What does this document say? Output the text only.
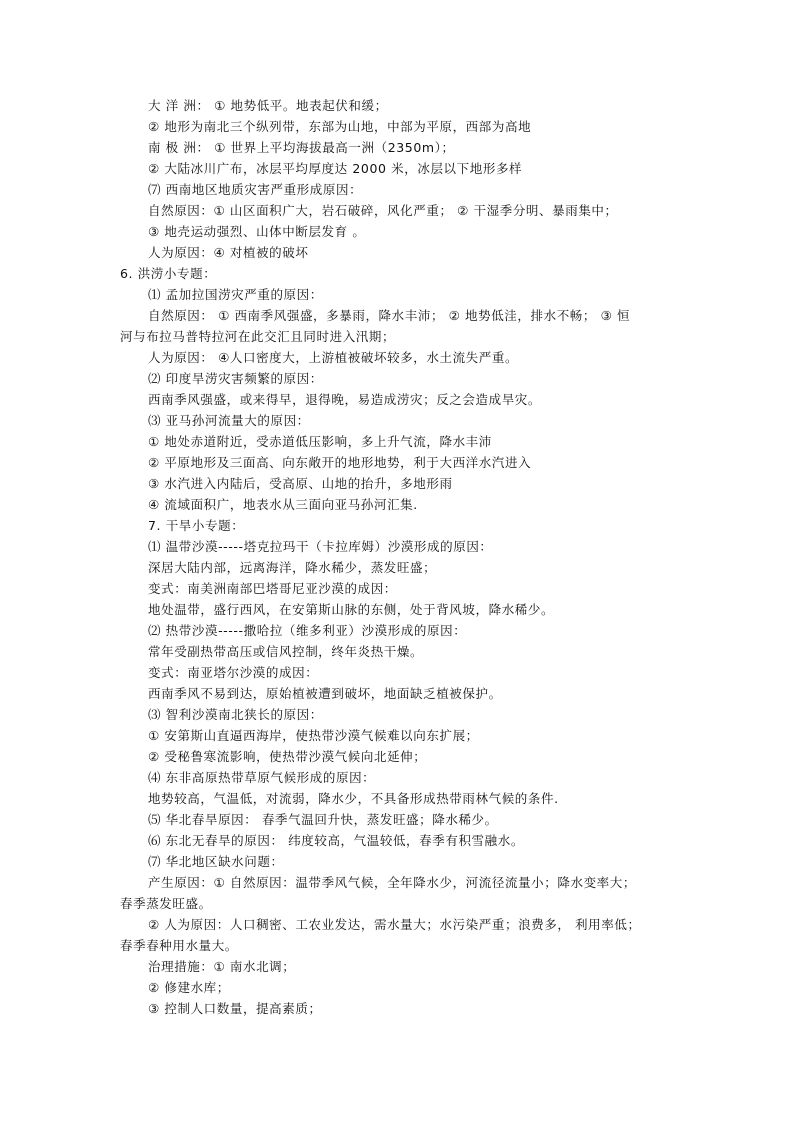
大 洋 洲： ① 地势低平。地表起伏和缓；
② 地形为南北三个纵列带，东部为山地，中部为平原，西部为高地
南 极 洲： ① 世界上平均海拔最高一洲（2350m）；
② 大陆冰川广布，冰层平均厚度达 2000 米，冰层以下地形多样
⑺ 西南地区地质灾害严重形成原因：
自然原因：① 山区面积广大，岩石破碎，风化严重； ② 干湿季分明、暴雨集中；
③ 地壳运动强烈、山体中断层发育 。
人为原因：④ 对植被的破坏
6. 洪涝小专题：
⑴ 孟加拉国涝灾严重的原因：
自然原因： ① 西南季风强盛，多暴雨，降水丰沛； ② 地势低洼，排水不畅； ③ 恒
河与布拉马普特拉河在此交汇且同时进入汛期；
人为原因： ④人口密度大，上游植被破坏较多，水土流失严重。
⑵ 印度旱涝灾害频繁的原因：
西南季风强盛，或来得早，退得晚，易造成涝灾；反之会造成旱灾。
⑶ 亚马孙河流量大的原因：
① 地处赤道附近，受赤道低压影响，多上升气流，降水丰沛
② 平原地形及三面高、向东敞开的地形地势，利于大西洋水汽进入
③ 水汽进入内陆后，受高原、山地的抬升，多地形雨
④ 流域面积广，地表水从三面向亚马孙河汇集.
7. 干旱小专题：
⑴ 温带沙漠-----塔克拉玛干（卡拉库姆）沙漠形成的原因：
深居大陆内部，远离海洋，降水稀少，蒸发旺盛；
变式：南美洲南部巴塔哥尼亚沙漠的成因：
地处温带，盛行西风，在安第斯山脉的东侧，处于背风坡，降水稀少。
⑵ 热带沙漠-----撒哈拉（维多利亚）沙漠形成的原因：
常年受副热带高压或信风控制，终年炎热干燥。
变式：南亚塔尔沙漠的成因：
西南季风不易到达，原始植被遭到破坏，地面缺乏植被保护。
⑶ 智利沙漠南北狭长的原因：
① 安第斯山直逼西海岸，使热带沙漠气候难以向东扩展；
② 受秘鲁寒流影响，使热带沙漠气候向北延伸；
⑷ 东非高原热带草原气候形成的原因：
地势较高，气温低，对流弱，降水少，不具备形成热带雨林气候的条件.
⑸ 华北春旱原因： 春季气温回升快，蒸发旺盛；降水稀少。
⑹ 东北无春旱的原因： 纬度较高，气温较低，春季有积雪融水。
⑺ 华北地区缺水问题：
产生原因：① 自然原因：温带季风气候，全年降水少，河流径流量小；降水变率大；
春季蒸发旺盛。
② 人为原因：人口稠密、工农业发达，需水量大；水污染严重；浪费多， 利用率低；
春季春种用水量大。
治理措施：① 南水北调；
② 修建水库；
③ 控制人口数量，提高素质；
